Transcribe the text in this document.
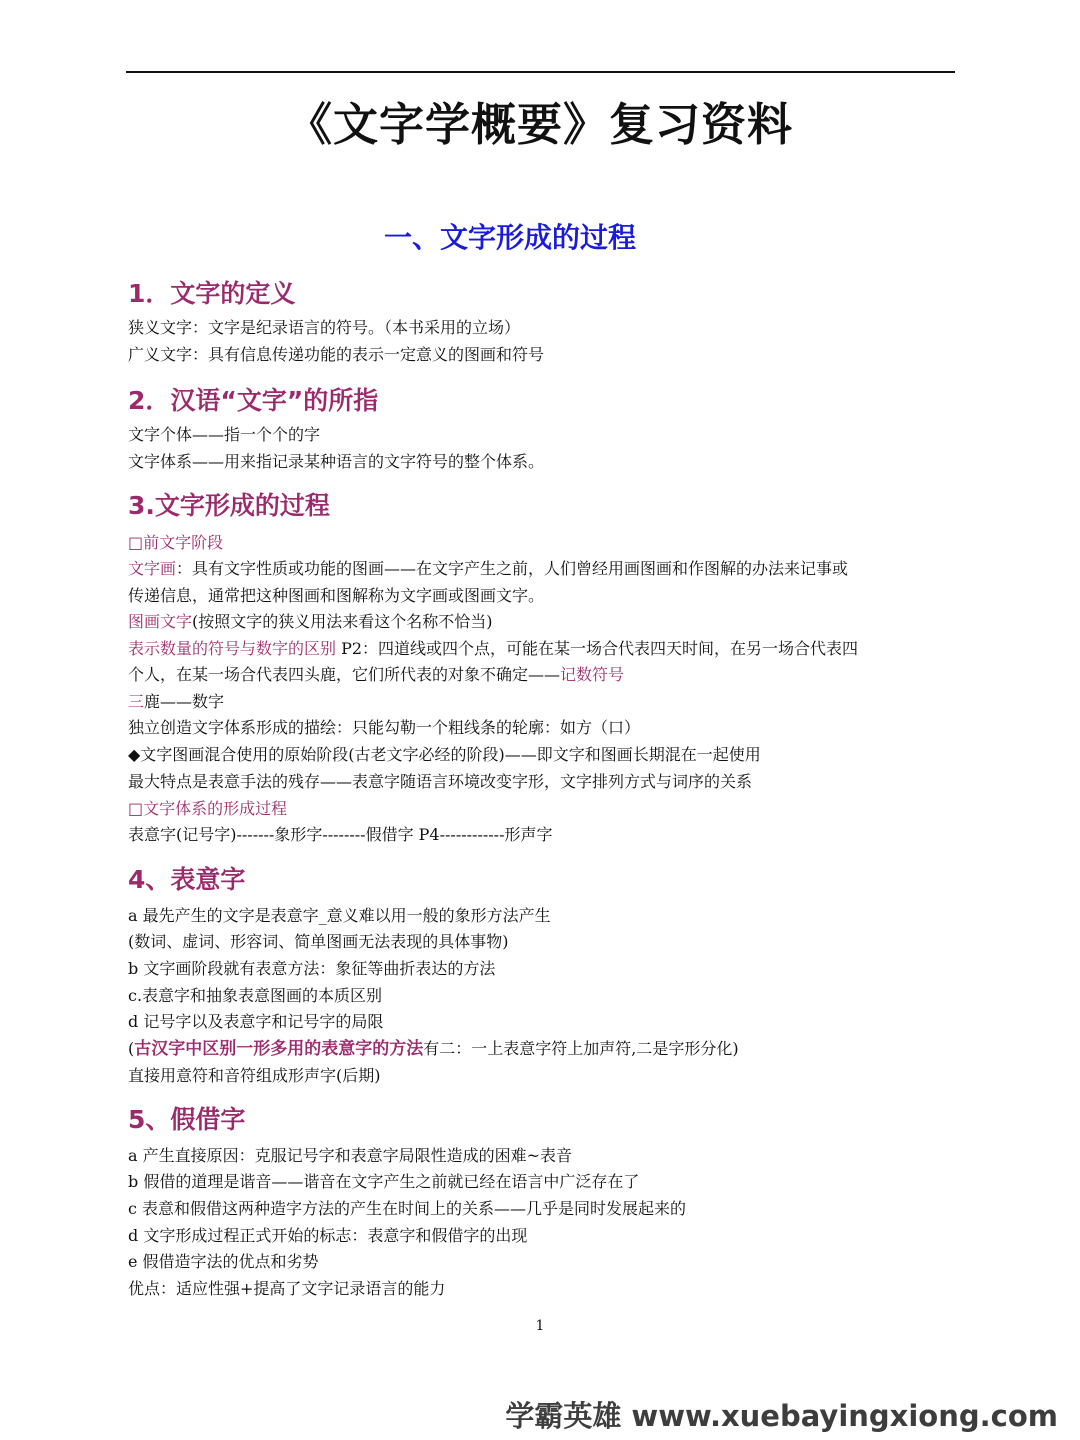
《文字学概要》复习资料
一、文字形成的过程
1．文字的定义
狭义文字：文字是纪录语言的符号。（本书采用的立场）
广义文字：具有信息传递功能的表示一定意义的图画和符号
2．汉语“文字”的所指
文字个体——指一个个的字
文字体系——用来指记录某种语言的文字符号的整个体系。
3.文字形成的过程
□前文字阶段
文字画：具有文字性质或功能的图画——在文字产生之前，人们曾经用画图画和作图解的办法来记事或
传递信息，通常把这种图画和图解称为文字画或图画文字。
图画文字(按照文字的狭义用法来看这个名称不恰当)
表示数量的符号与数字的区别 P2：四道线或四个点，可能在某一场合代表四天时间，在另一场合代表四
个人，在某一场合代表四头鹿，它们所代表的对象不确定——记数符号
三鹿——数字
独立创造文字体系形成的描绘：只能勾勒一个粗线条的轮廓：如方（口）
◆文字图画混合使用的原始阶段(古老文字必经的阶段)——即文字和图画长期混在一起使用
最大特点是表意手法的残存——表意字随语言环境改变字形，文字排列方式与词序的关系
□文字体系的形成过程
表意字(记号字)-------象形字--------假借字 P4------------形声字
4、表意字
a 最先产生的文字是表意字_意义难以用一般的象形方法产生
(数词、虚词、形容词、简单图画无法表现的具体事物)
b 文字画阶段就有表意方法：象征等曲折表达的方法
c.表意字和抽象表意图画的本质区别
d 记号字以及表意字和记号字的局限
(古汉字中区别一形多用的表意字的方法有二：一上表意字符上加声符,二是字形分化)
直接用意符和音符组成形声字(后期)
5、假借字
a 产生直接原因：克服记号字和表意字局限性造成的困难~表音
b 假借的道理是谐音——谐音在文字产生之前就已经在语言中广泛存在了
c 表意和假借这两种造字方法的产生在时间上的关系——几乎是同时发展起来的
d 文字形成过程正式开始的标志：表意字和假借字的出现
e 假借造字法的优点和劣势
优点：适应性强+提高了文字记录语言的能力
1
学霸英雄 www.xuebayingxiong.com
